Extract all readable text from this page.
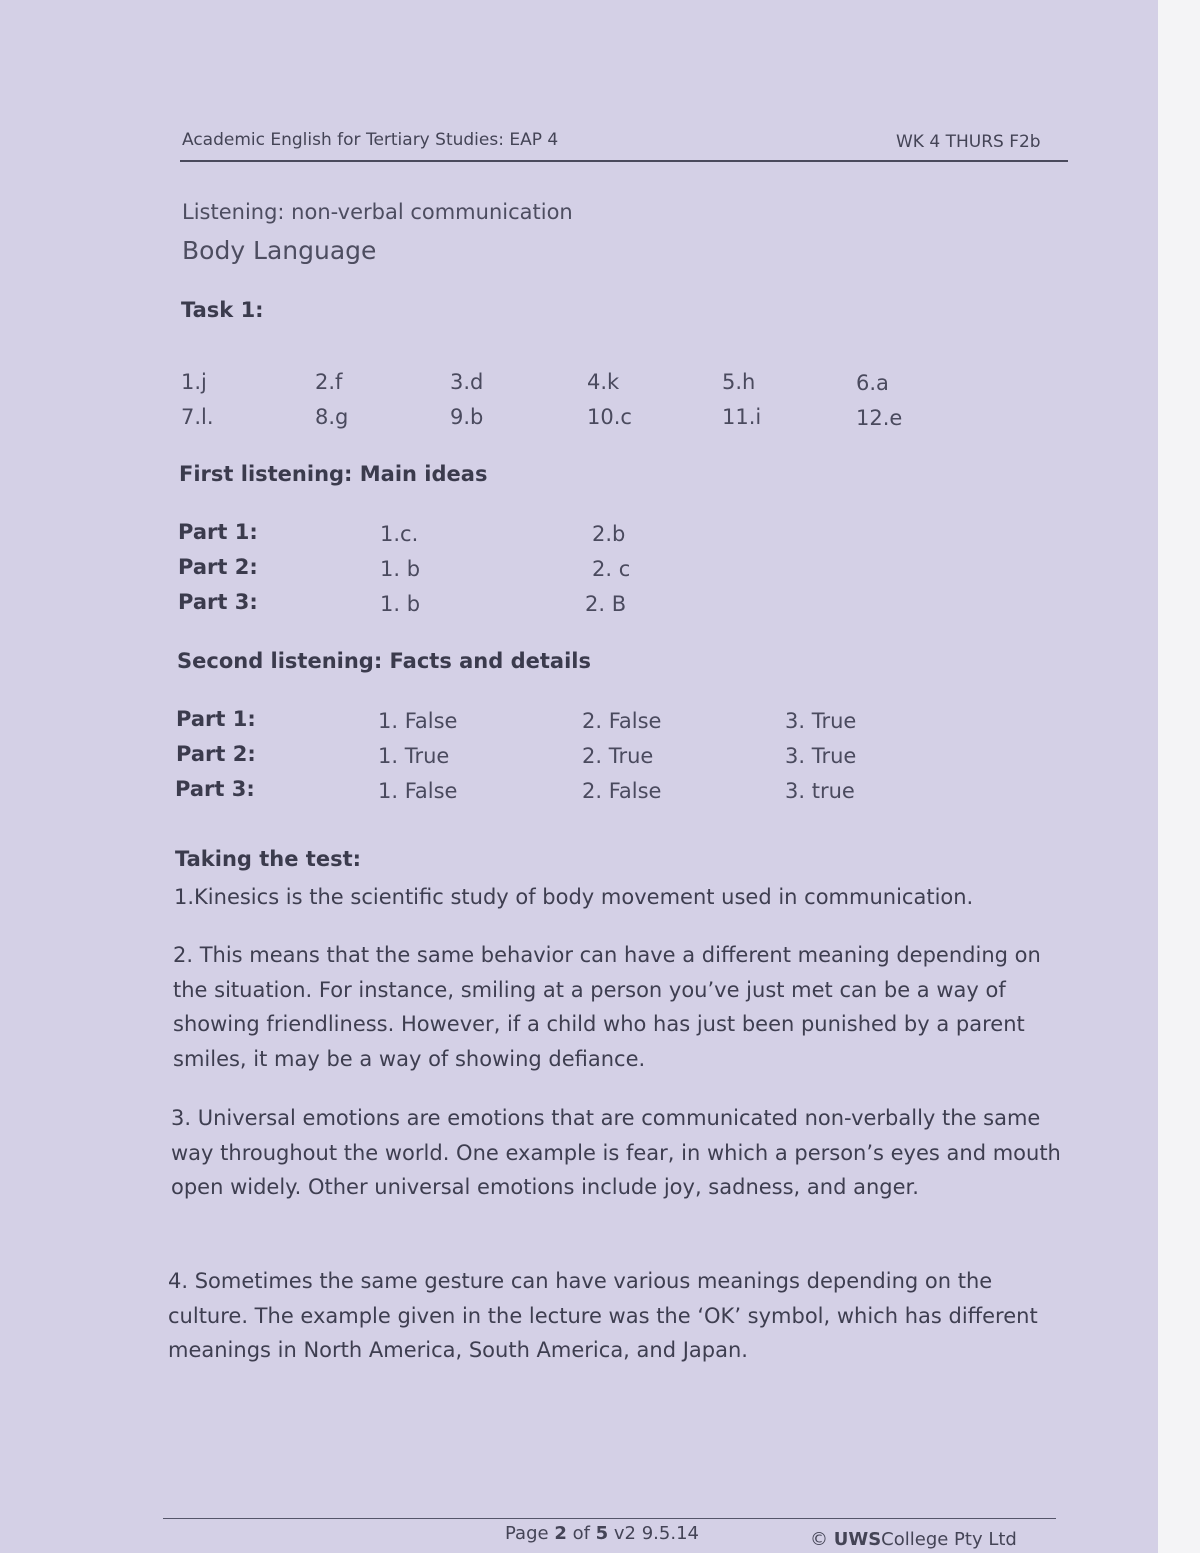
Academic English for Tertiary Studies: EAP 4	WK 4 THURS F2b
Listening: non-verbal communication
Body Language
Task 1:
1.j	2.f	3.d	4.k	5.h	6.a
7.l.	8.g	9.b	10.c	11.i	12.e
First listening: Main ideas
Part 1:	1.c.	2.b
Part 2:	1. b	2. c
Part 3:	1. b	2. B
Second listening: Facts and details
Part 1:	1. False	2. False	3. True
Part 2:	1. True	2. True	3. True
Part 3:	1. False	2. False	3. true
Taking the test:

1.Kinesics is the scientific study of body movement used in communication.

2. This means that the same behavior can have a different meaning depending on the situation. For instance, smiling at a person you’ve just met can be a way of showing friendliness. However, if a child who has just been punished by a parent smiles, it may be a way of showing defiance.

3. Universal emotions are emotions that are communicated non-verbally the same way throughout the world. One example is fear, in which a person’s eyes and mouth open widely. Other universal emotions include joy, sadness, and anger.

4. Sometimes the same gesture can have various meanings depending on the culture. The example given in the lecture was the ‘OK’ symbol, which has different meanings in North America, South America, and Japan.

Page 2 of 5 v2 9.5.14	© UWSCollege Pty Ltd
